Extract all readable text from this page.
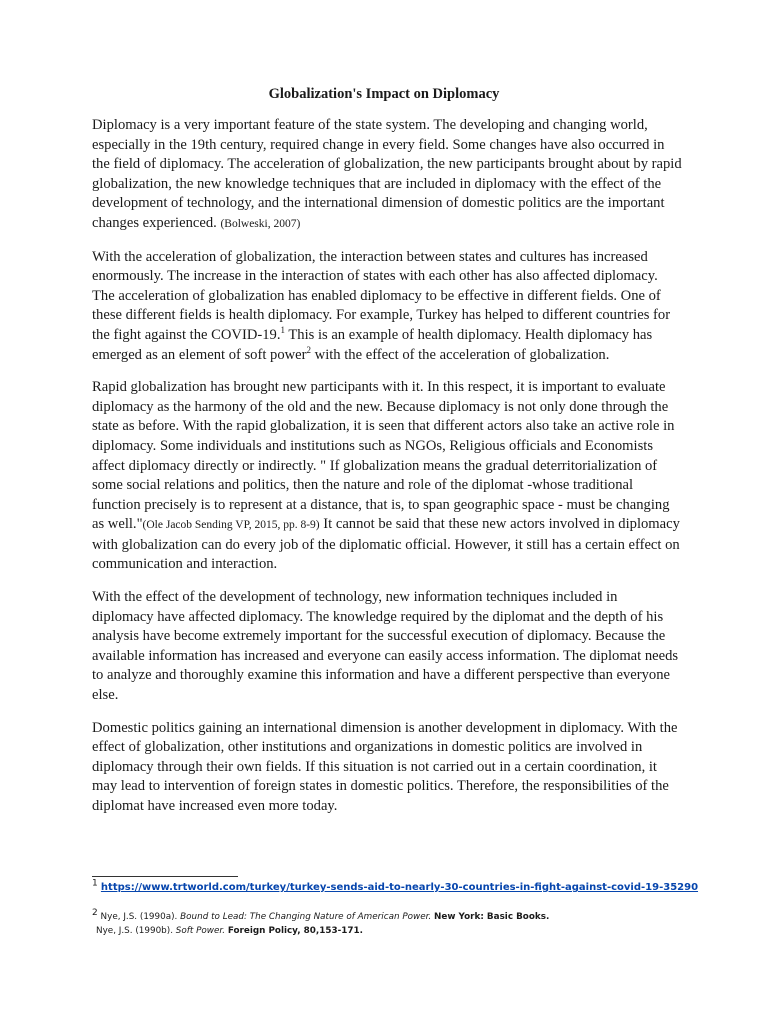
Globalization's Impact on Diplomacy

Diplomacy is a very important feature of the state system. The developing and changing world, especially in the 19th century, required change in every field. Some changes have also occurred in the field of diplomacy. The acceleration of globalization, the new participants brought about by rapid globalization, the new knowledge techniques that are included in diplomacy with the effect of the development of technology, and the international dimension of domestic politics are the important changes experienced. (Bolweski, 2007)

With the acceleration of globalization, the interaction between states and cultures has increased enormously. The increase in the interaction of states with each other has also affected diplomacy. The acceleration of globalization has enabled diplomacy to be effective in different fields. One of these different fields is health diplomacy. For example, Turkey has helped to different countries for the fight against the COVID-19.$^1$ This is an example of health diplomacy. Health diplomacy has emerged as an element of soft power$^2$ with the effect of the acceleration of globalization.

Rapid globalization has brought new participants with it. In this respect, it is important to evaluate diplomacy as the harmony of the old and the new. Because diplomacy is not only done through the state as before. With the rapid globalization, it is seen that different actors also take an active role in diplomacy. Some individuals and institutions such as NGOs, Religious officials and Economists affect diplomacy directly or indirectly. " If globalization means the gradual deterritorialization of some social relations and politics, then the nature and role of the diplomat -whose traditional function precisely is to represent at a distance, that is, to span geographic space - must be changing as well."(Ole Jacob Sending VP, 2015, pp. 8-9) It cannot be said that these new actors involved in diplomacy with globalization can do every job of the diplomatic official. However, it still has a certain effect on communication and interaction.

With the effect of the development of technology, new information techniques included in diplomacy have affected diplomacy. The knowledge required by the diplomat and the depth of his analysis have become extremely important for the successful execution of diplomacy. Because the available information has increased and everyone can easily access information. The diplomat needs to analyze and thoroughly examine this information and have a different perspective than everyone else.

Domestic politics gaining an international dimension is another development in diplomacy. With the effect of globalization, other institutions and organizations in domestic politics are involved in diplomacy through their own fields. If this situation is not carried out in a certain coordination, it may lead to intervention of foreign states in domestic politics. Therefore, the responsibilities of the diplomat have increased even more today.

$^1$ https://www.trtworld.com/turkey/turkey-sends-aid-to-nearly-30-countries-in-fight-against-covid-19-35290
$^2$ Nye, J.S. (1990a). Bound to Lead: The Changing Nature of American Power. New York: Basic Books.
Nye, J.S. (1990b). Soft Power. Foreign Policy, 80,153-171.
